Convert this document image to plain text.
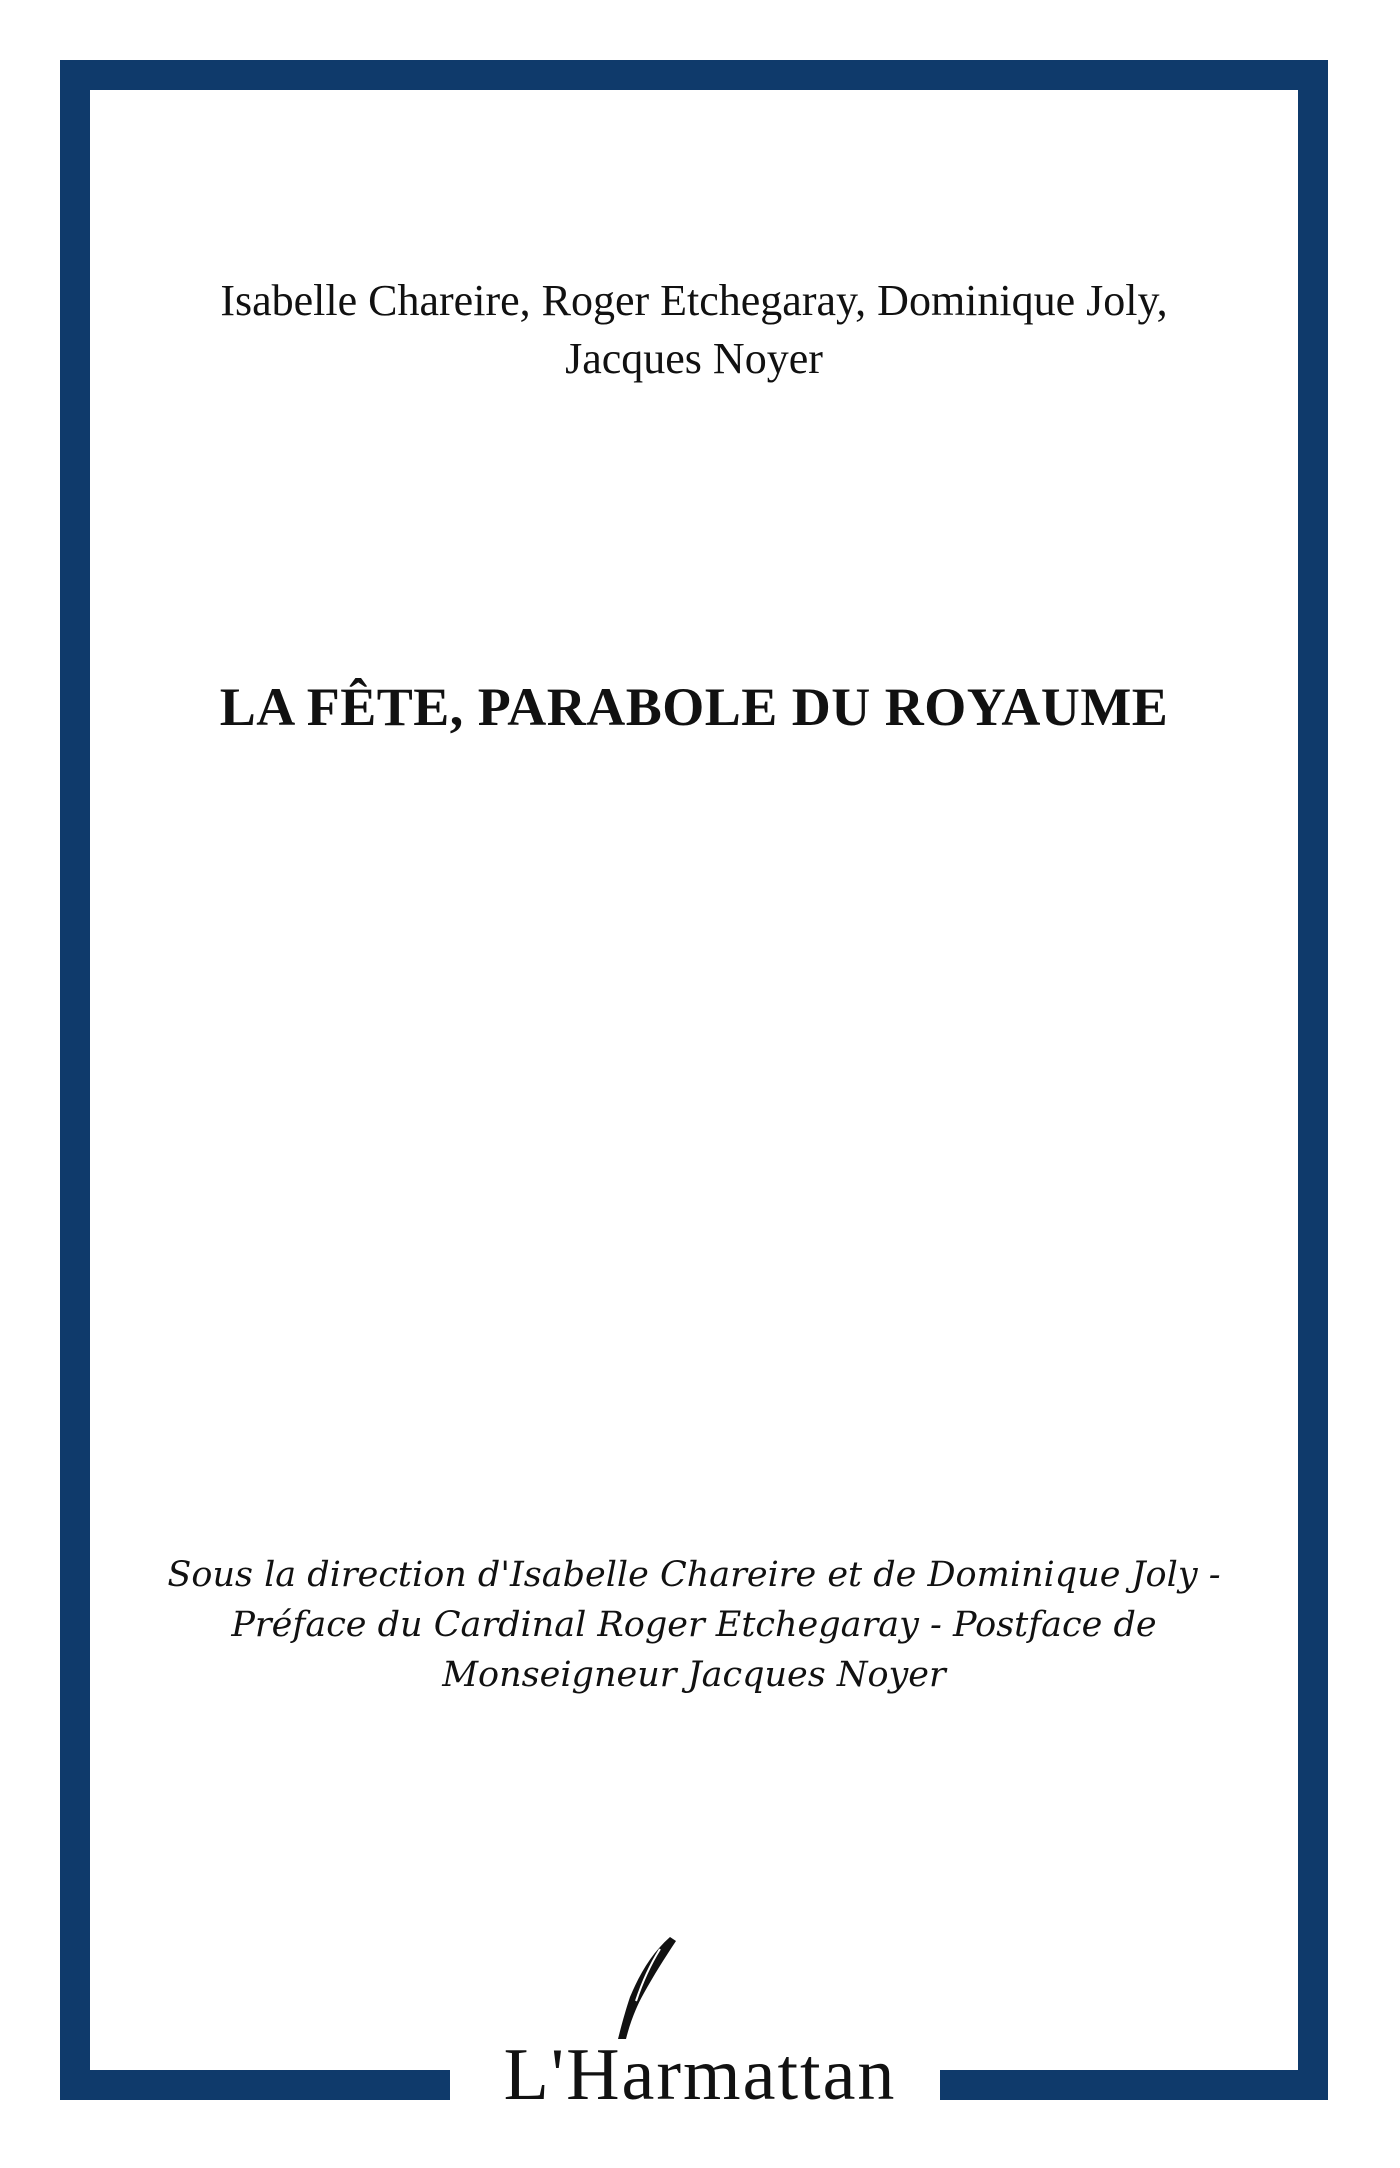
Isabelle Chareire, Roger Etchegaray, Dominique Joly,
Jacques Noyer
LA FÊTE, PARABOLE DU ROYAUME
Sous la direction d'Isabelle Chareire et de Dominique Joly -
Préface du Cardinal Roger Etchegaray - Postface de
Monseigneur Jacques Noyer
L'Harmattan
